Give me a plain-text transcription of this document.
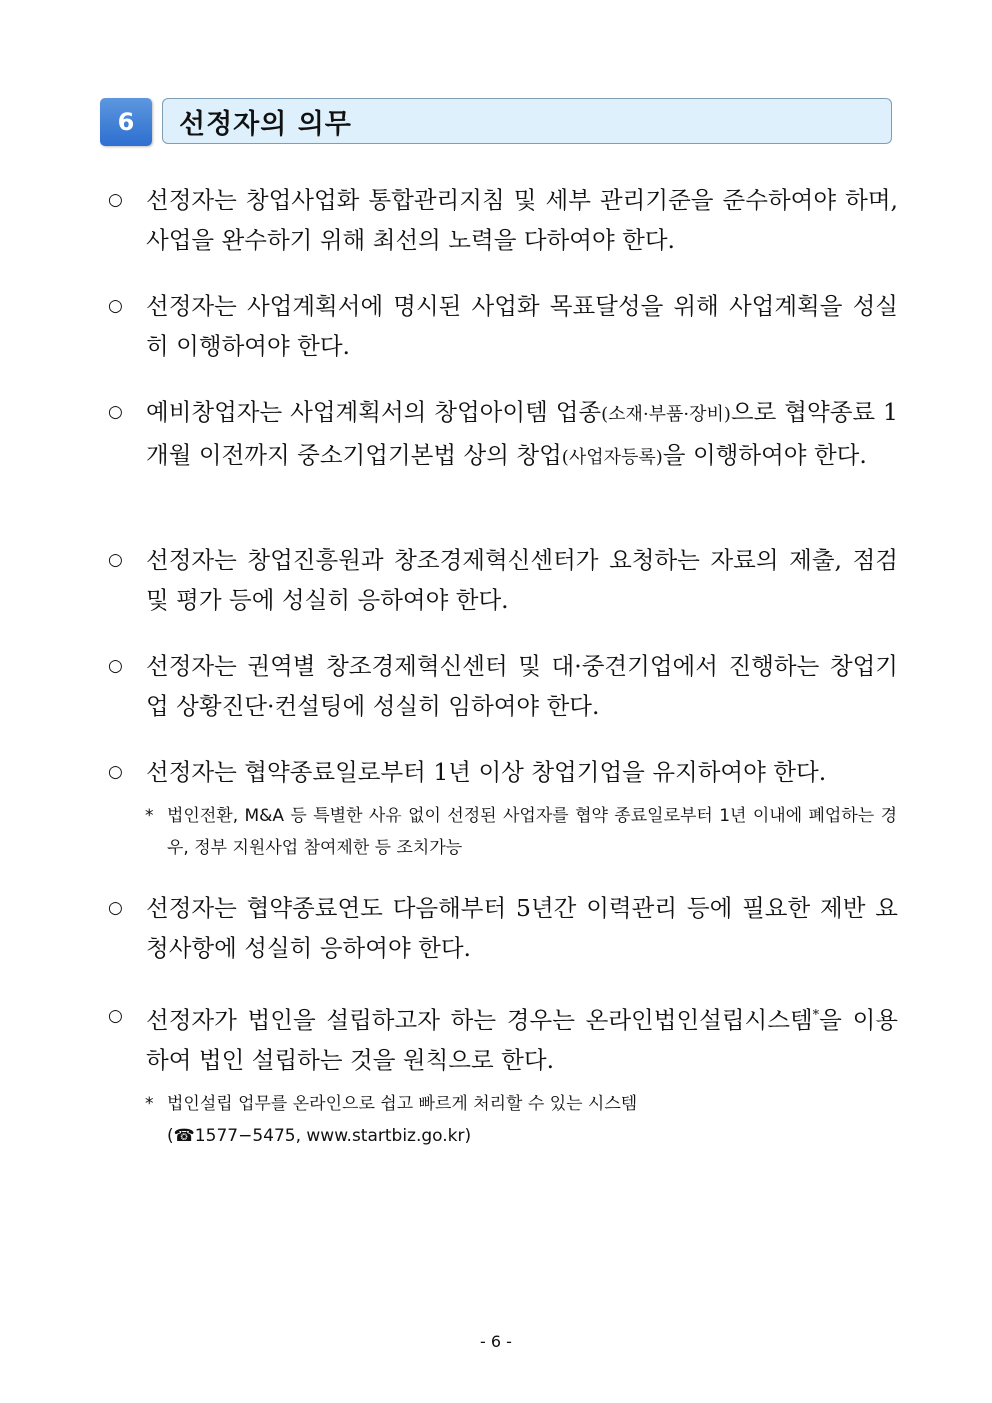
6	선정자의 의무
○ 선정자는 창업사업화 통합관리지침 및 세부 관리기준을 준수하여야 하며, 사업을 완수하기 위해 최선의 노력을 다하여야 한다.
○ 선정자는 사업계획서에 명시된 사업화 목표달성을 위해 사업계획을 성실히 이행하여야 한다.
○ 예비창업자는 사업계획서의 창업아이템 업종(소재·부품·장비)으로 협약종료 1개월 이전까지 중소기업기본법 상의 창업(사업자등록)을 이행하여야 한다.
○ 선정자는 창업진흥원과 창조경제혁신센터가 요청하는 자료의 제출, 점검 및 평가 등에 성실히 응하여야 한다.
○ 선정자는 권역별 창조경제혁신센터 및 대·중견기업에서 진행하는 창업기업 상황진단·컨설팅에 성실히 임하여야 한다.
○ 선정자는 협약종료일로부터 1년 이상 창업기업을 유지하여야 한다.
* 법인전환, M&A 등 특별한 사유 없이 선정된 사업자를 협약 종료일로부터 1년 이내에 폐업하는 경우, 정부 지원사업 참여제한 등 조치가능
○ 선정자는 협약종료연도 다음해부터 5년간 이력관리 등에 필요한 제반 요청사항에 성실히 응하여야 한다.
○ 선정자가 법인을 설립하고자 하는 경우는 온라인법인설립시스템*을 이용하여 법인 설립하는 것을 원칙으로 한다.
* 법인설립 업무를 온라인으로 쉽고 빠르게 처리할 수 있는 시스템
(☎1577−5475, www.startbiz.go.kr)
- 6 -
